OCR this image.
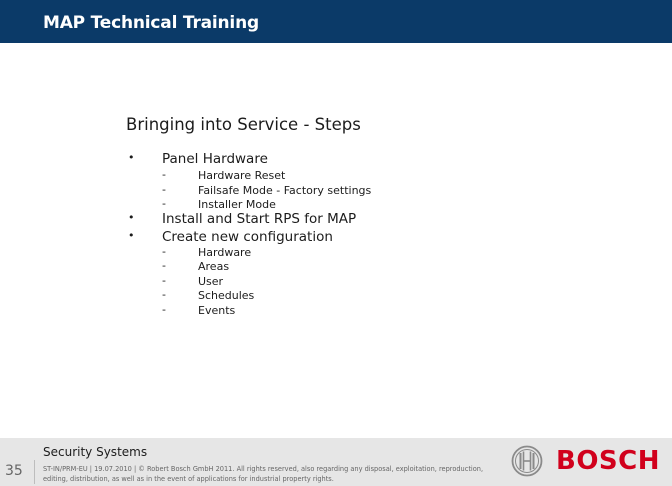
MAP Technical Training
Bringing into Service - Steps
• Panel Hardware
-	Hardware Reset
-	Failsafe Mode - Factory settings
-	Installer Mode
• Install and Start RPS for MAP
• Create new configuration
-	Hardware
-	Areas
-	User
-	Schedules
-	Events
Security Systems
35	ST-IN/PRM-EU | 19.07.2010 | © Robert Bosch GmbH 2011. All rights reserved, also regarding any disposal, exploitation, reproduction, editing, distribution, as well as in the event of applications for industrial property rights.
BOSCH
